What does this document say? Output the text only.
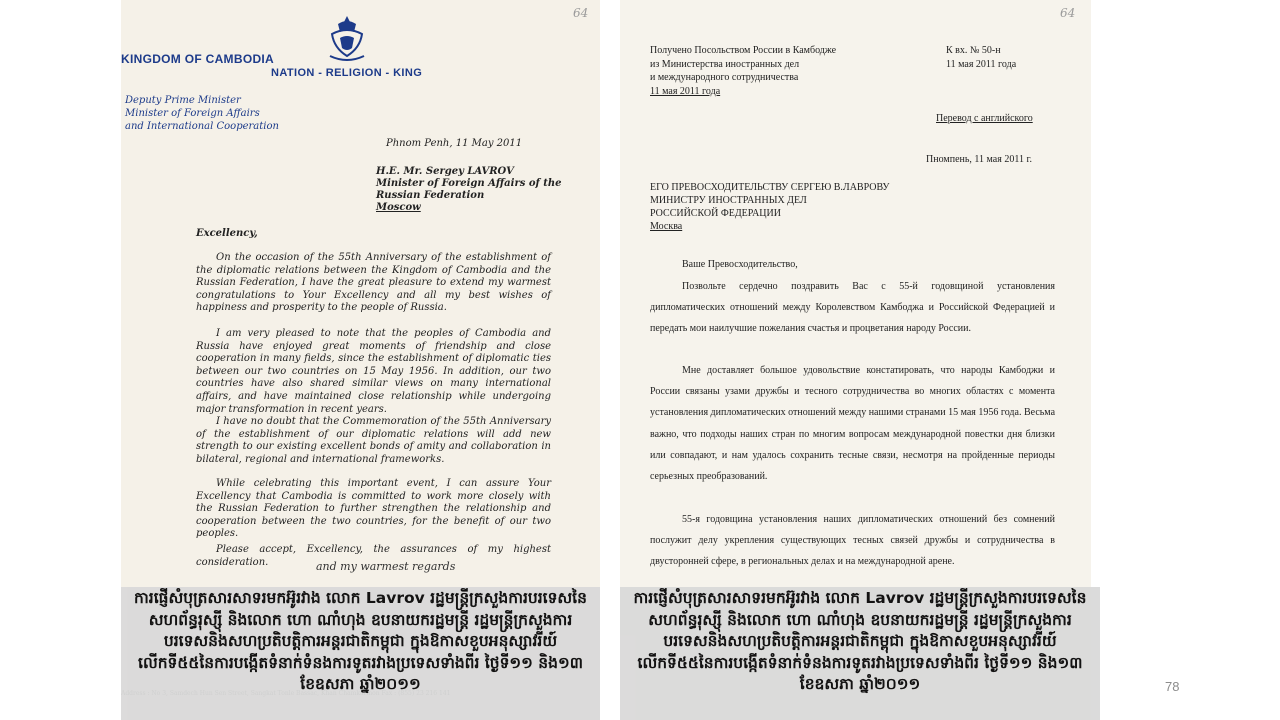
64
KINGDOM OF CAMBODIA
NATION - RELIGION - KING
Deputy Prime Minister
Minister of Foreign Affairs
and International Cooperation
Phnom Penh, 11 May 2011
H.E. Mr. Sergey LAVROV
Minister of Foreign Affairs of the
Russian Federation
Moscow
Excellency,

On the occasion of the 55th Anniversary of the establishment of the diplomatic relations between the Kingdom of Cambodia and the Russian Federation, I have the great pleasure to extend my warmest congratulations to Your Excellency and all my best wishes of happiness and prosperity to the people of Russia.

I am very pleased to note that the peoples of Cambodia and Russia have enjoyed great moments of friendship and close cooperation in many fields, since the establishment of diplomatic ties between our two countries on 15 May 1956. In addition, our two countries have also shared similar views on many international affairs, and have maintained close relationship while undergoing major transformation in recent years.

I have no doubt that the Commemoration of the 55th Anniversary of the establishment of our diplomatic relations will add new strength to our existing excellent bonds of amity and collaboration in bilateral, regional and international frameworks.

While celebrating this important event, I can assure Your Excellency that Cambodia is committed to work more closely with the Russian Federation to further strengthen the relationship and cooperation between the two countries, for the benefit of our two peoples.

Please accept, Excellency, the assurances of my highest consideration.	and my warmest regards
64
Получено Посольством России в Камбодже
из Министерства иностранных дел
и международного сотрудничества
11 мая 2011 года
К вх. № 50-н
11 мая 2011 года
Перевод с английского
Пномпень, 11 мая 2011 г.
ЕГО ПРЕВОСХОДИТЕЛЬСТВУ СЕРГЕЮ В.ЛАВРОВУ
МИНИСТРУ ИНОСТРАННЫХ ДЕЛ
РОССИЙСКОЙ ФЕДЕРАЦИИ
Москва
Ваше Превосходительство,

Позвольте сердечно поздравить Вас с 55-й годовщиной установления дипломатических отношений между Королевством Камбоджа и Российской Федерацией и передать мои наилучшие пожелания счастья и процветания народу России.

Мне доставляет большое удовольствие констатировать, что народы Камбоджи и России связаны узами дружбы и тесного сотрудничества во многих областях с момента установления дипломатических отношений между нашими странами 15 мая 1956 года. Весьма важно, что подходы наших стран по многим вопросам международной повестки дня близки или совпадают, и нам удалось сохранить тесные связи, несмотря на пройденные периоды серьезных преобразований.

55-я годовщина установления наших дипломатических отношений без сомнений послужит делу укрепления существующих тесных связей дружбы и сотрудничества в двусторонней сфере, в региональных делах и на международной арене.

ការផ្ញើសំបុត្រសារសាទរមកអ៊ូរវាង លោក Lavrov រដ្ឋមន្ត្រីក្រសួងការបរទេសនៃសហព័ន្ធរុស្ស៊ី និងលោក ហោ ណាំហុង ឧបនាយករដ្ឋមន្ត្រី រដ្ឋមន្ត្រីក្រសួងការបរទេសនិងសហប្រតិបត្តិការអន្តរជាតិកម្ពុជា ក្នុងឱកាសខួបអនុស្សាវរីយ៍លើកទី៥៥នៃការបង្កើតទំនាក់ទំនងការទូតរវាងប្រទេសទាំងពីរ ថ្ងៃទី១១ និង១៣ ខែឧសភា ឆ្នាំ២០១១

ការផ្ញើសំបុត្រសារសាទរមកអ៊ូរវាង លោក Lavrov រដ្ឋមន្ត្រីក្រសួងការបរទេសនៃសហព័ន្ធរុស្ស៊ី និងលោក ហោ ណាំហុង ឧបនាយករដ្ឋមន្ត្រី រដ្ឋមន្ត្រីក្រសួងការបរទេសនិងសហប្រតិបត្តិការអន្តរជាតិកម្ពុជា ក្នុងឱកាសខួបអនុស្សាវរីយ៍លើកទី៥៥នៃការបង្កើតទំនាក់ទំនងការទូតរវាងប្រទេសទាំងពីរ ថ្ងៃទី១១ និង១៣ ខែឧសភា ឆ្នាំ២០១១	78
